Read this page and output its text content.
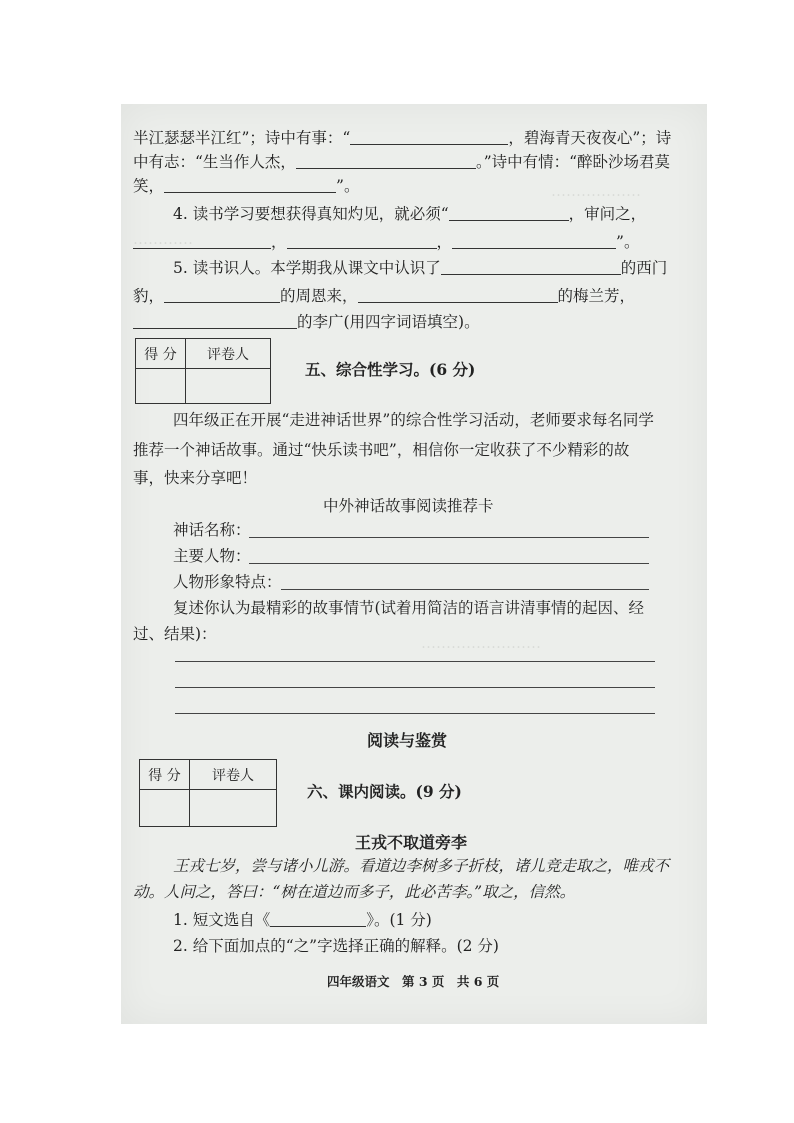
………………
…………
……………………
半江瑟瑟半江红”；诗中有事：“	，碧海青天夜夜心”；诗
中有志：“生当作人杰，	。”诗中有情：“醉卧沙场君莫
笑，	”。
4. 读书学习要想获得真知灼见，就必须“	，审问之，
，	，	”。
5. 读书识人。本学期我从课文中认识了	的西门
豹，	的周恩来，	的梅兰芳，
的李广(用四字词语填空)。
得 分	评卷人
五、综合性学习。(6 分)
四年级正在开展“走进神话世界”的综合性学习活动，老师要求每名同学
推荐一个神话故事。通过“快乐读书吧”，相信你一定收获了不少精彩的故
事，快来分享吧！
中外神话故事阅读推荐卡
神话名称：
主要人物：
人物形象特点：
复述你认为最精彩的故事情节(试着用简洁的语言讲清事情的起因、经
过、结果)：
阅读与鉴赏
得 分	评卷人
六、课内阅读。(9 分)
王戎不取道旁李
王戎七岁，尝与诸小儿游。看道边李树多子折枝，诸儿竞走取之，唯戎不
动。人问之，答曰：“树在道边而多子，此必苦李。”取之，信然。
1. 短文选自《	》。(1 分)
2. 给下面加点的“之”字选择正确的解释。(2 分)
四年级语文　第 3 页　共 6 页
